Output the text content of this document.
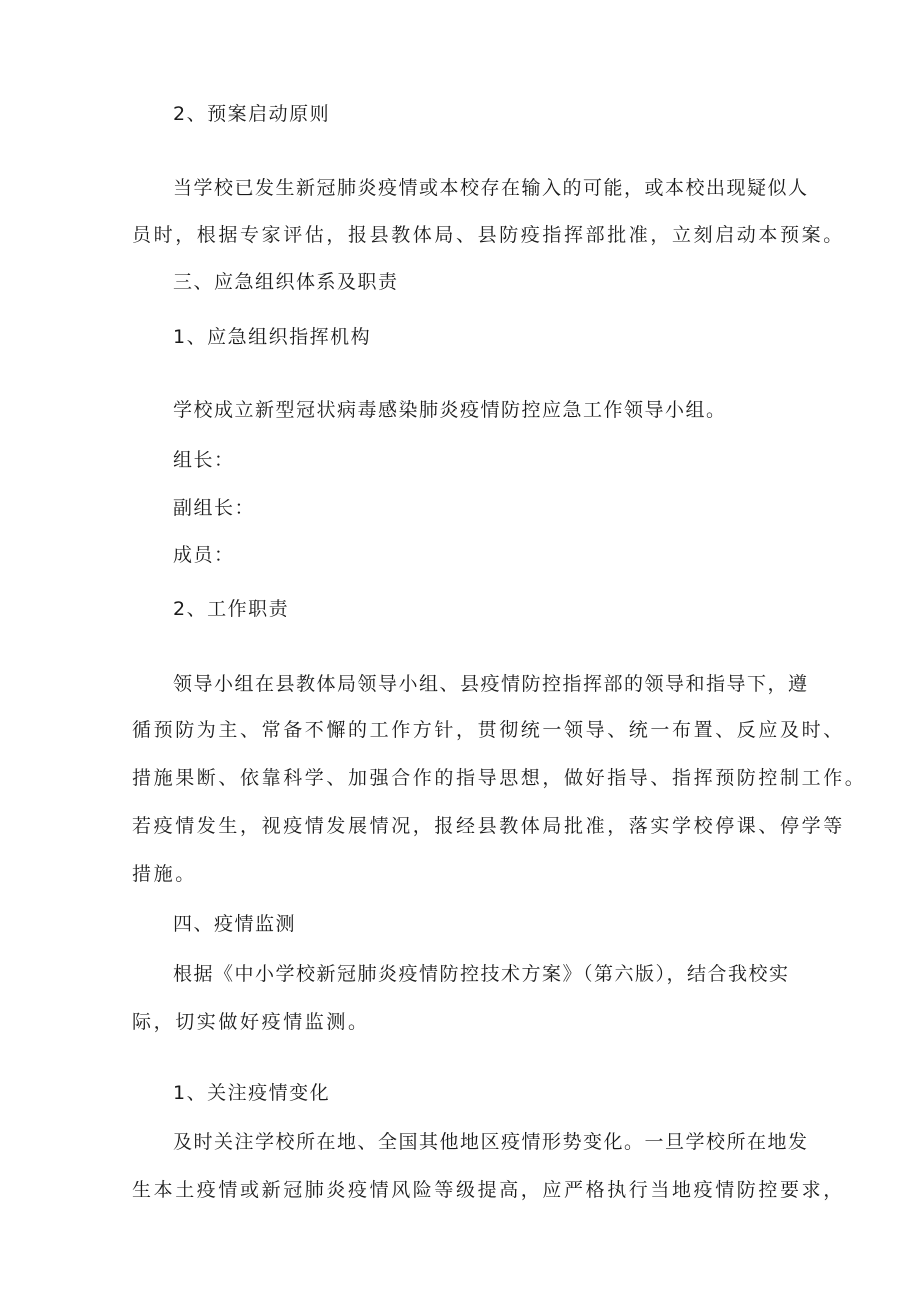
2、预案启动原则

当学校已发生新冠肺炎疫情或本校存在输入的可能，或本校出现疑似人

员时，根据专家评估，报县教体局、县防疫指挥部批准，立刻启动本预案。

三、应急组织体系及职责

1、应急组织指挥机构

学校成立新型冠状病毒感染肺炎疫情防控应急工作领导小组。

组长：

副组长：

成员：

2、工作职责

领导小组在县教体局领导小组、县疫情防控指挥部的领导和指导下，遵

循预防为主、常备不懈的工作方针，贯彻统一领导、统一布置、反应及时、

措施果断、依靠科学、加强合作的指导思想，做好指导、指挥预防控制工作。

若疫情发生，视疫情发展情况，报经县教体局批准，落实学校停课、停学等

措施。

四、疫情监测

根据《中小学校新冠肺炎疫情防控技术方案》（第六版），结合我校实

际，切实做好疫情监测。

1、关注疫情变化

及时关注学校所在地、全国其他地区疫情形势变化。一旦学校所在地发

生本土疫情或新冠肺炎疫情风险等级提高，应严格执行当地疫情防控要求，
